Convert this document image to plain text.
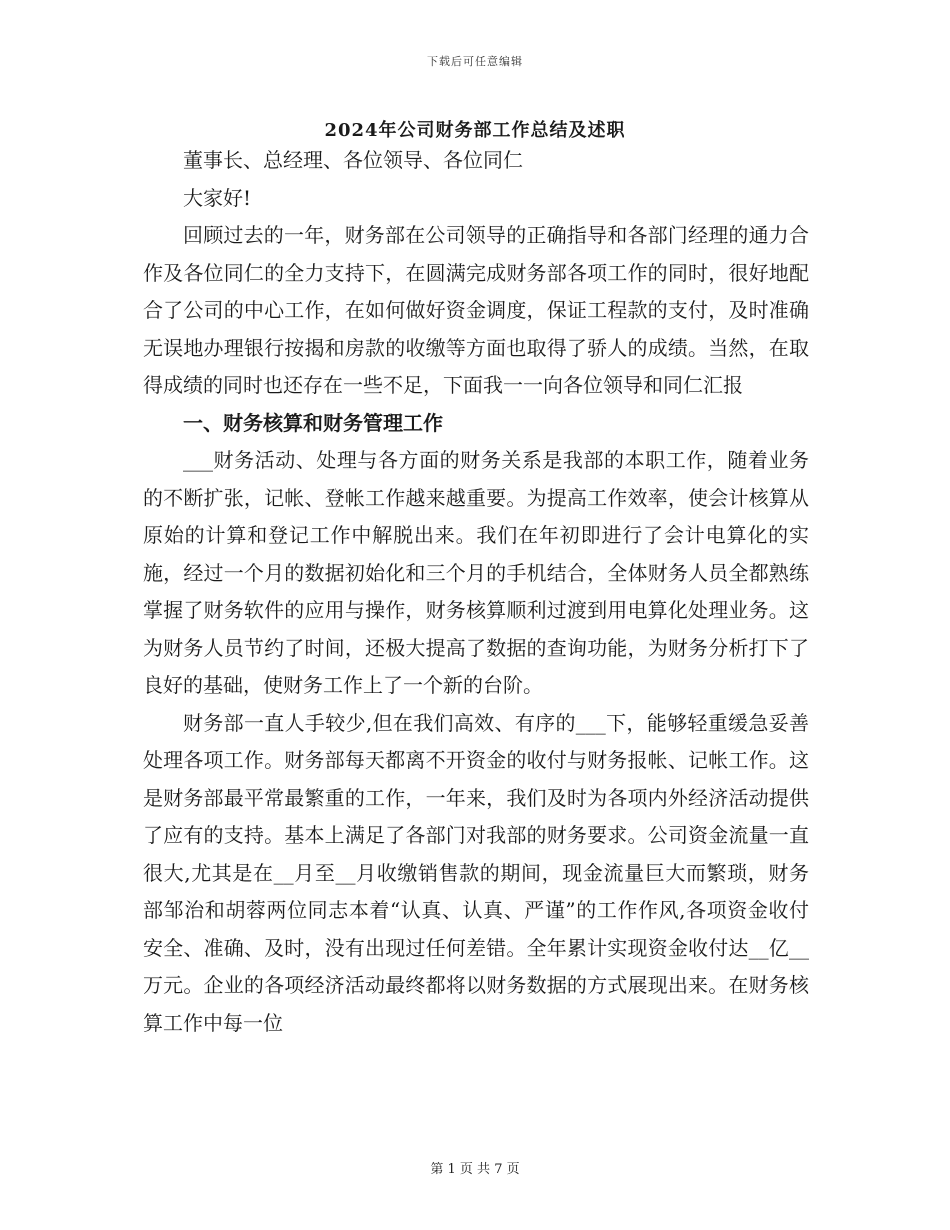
下载后可任意编辑
2024年公司财务部工作总结及述职

董事长、总经理、各位领导、各位同仁

大家好!

回顾过去的一年，财务部在公司领导的正确指导和各部门经理的通力合作及各位同仁的全力支持下，在圆满完成财务部各项工作的同时，很好地配合了公司的中心工作，在如何做好资金调度，保证工程款的支付，及时准确无误地办理银行按揭和房款的收缴等方面也取得了骄人的成绩。当然，在取得成绩的同时也还存在一些不足，下面我一一向各位领导和同仁汇报

一、财务核算和财务管理工作

___财务活动、处理与各方面的财务关系是我部的本职工作，随着业务的不断扩张，记帐、登帐工作越来越重要。为提高工作效率，使会计核算从原始的计算和登记工作中解脱出来。我们在年初即进行了会计电算化的实施，经过一个月的数据初始化和三个月的手机结合，全体财务人员全都熟练掌握了财务软件的应用与操作，财务核算顺利过渡到用电算化处理业务。这为财务人员节约了时间，还极大提高了数据的查询功能，为财务分析打下了良好的基础，使财务工作上了一个新的台阶。

财务部一直人手较少,但在我们高效、有序的___下，能够轻重缓急妥善处理各项工作。财务部每天都离不开资金的收付与财务报帐、记帐工作。这是财务部最平常最繁重的工作，一年来，我们及时为各项内外经济活动提供了应有的支持。基本上满足了各部门对我部的财务要求。公司资金流量一直很大,尤其是在__月至__月收缴销售款的期间，现金流量巨大而繁琐，财务部邹治和胡蓉两位同志本着“认真、认真、严谨”的工作作风,各项资金收付安全、准确、及时，没有出现过任何差错。全年累计实现资金收付达__亿__万元。企业的各项经济活动最终都将以财务数据的方式展现出来。在财务核算工作中每一位

第 1 页 共 7 页
